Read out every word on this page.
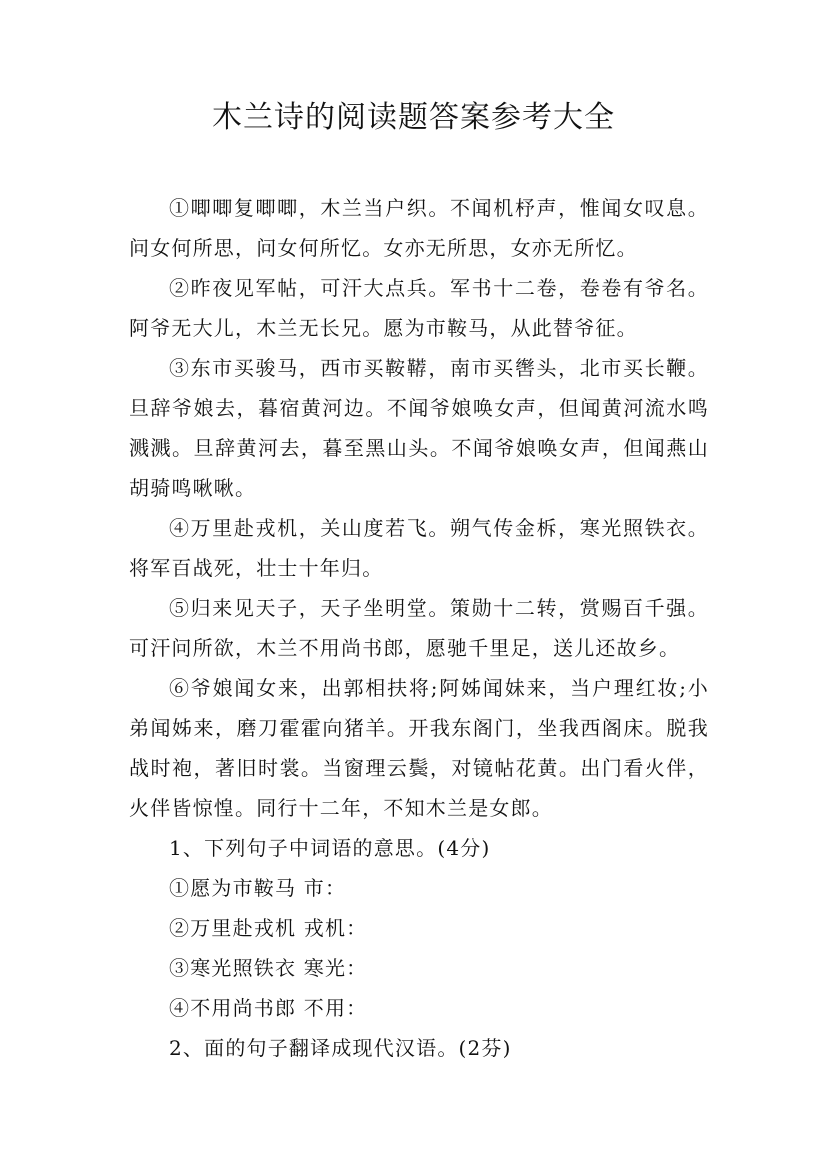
木兰诗的阅读题答案参考大全

①唧唧复唧唧，木兰当户织。不闻机杼声，惟闻女叹息。问女何所思，问女何所忆。女亦无所思，女亦无所忆。

②昨夜见军帖，可汗大点兵。军书十二卷，卷卷有爷名。阿爷无大儿，木兰无长兄。愿为市鞍马，从此替爷征。

③东市买骏马，西市买鞍鞯，南市买辔头，北市买长鞭。旦辞爷娘去，暮宿黄河边。不闻爷娘唤女声，但闻黄河流水鸣溅溅。旦辞黄河去，暮至黑山头。不闻爷娘唤女声，但闻燕山胡骑鸣啾啾。

④万里赴戎机，关山度若飞。朔气传金柝，寒光照铁衣。将军百战死，壮士十年归。

⑤归来见天子，天子坐明堂。策勋十二转，赏赐百千强。可汗问所欲，木兰不用尚书郎，愿驰千里足，送儿还故乡。

⑥爷娘闻女来，出郭相扶将;阿姊闻妹来，当户理红妆;小弟闻姊来，磨刀霍霍向猪羊。开我东阁门，坐我西阁床。脱我战时袍，著旧时裳。当窗理云鬓，对镜帖花黄。出门看火伴，火伴皆惊惶。同行十二年，不知木兰是女郎。

1、下列句子中词语的意思。(4分)

①愿为市鞍马 市：

②万里赴戎机 戎机：

③寒光照铁衣 寒光：

④不用尚书郎 不用：

2、面的句子翻译成现代汉语。(2芬)
